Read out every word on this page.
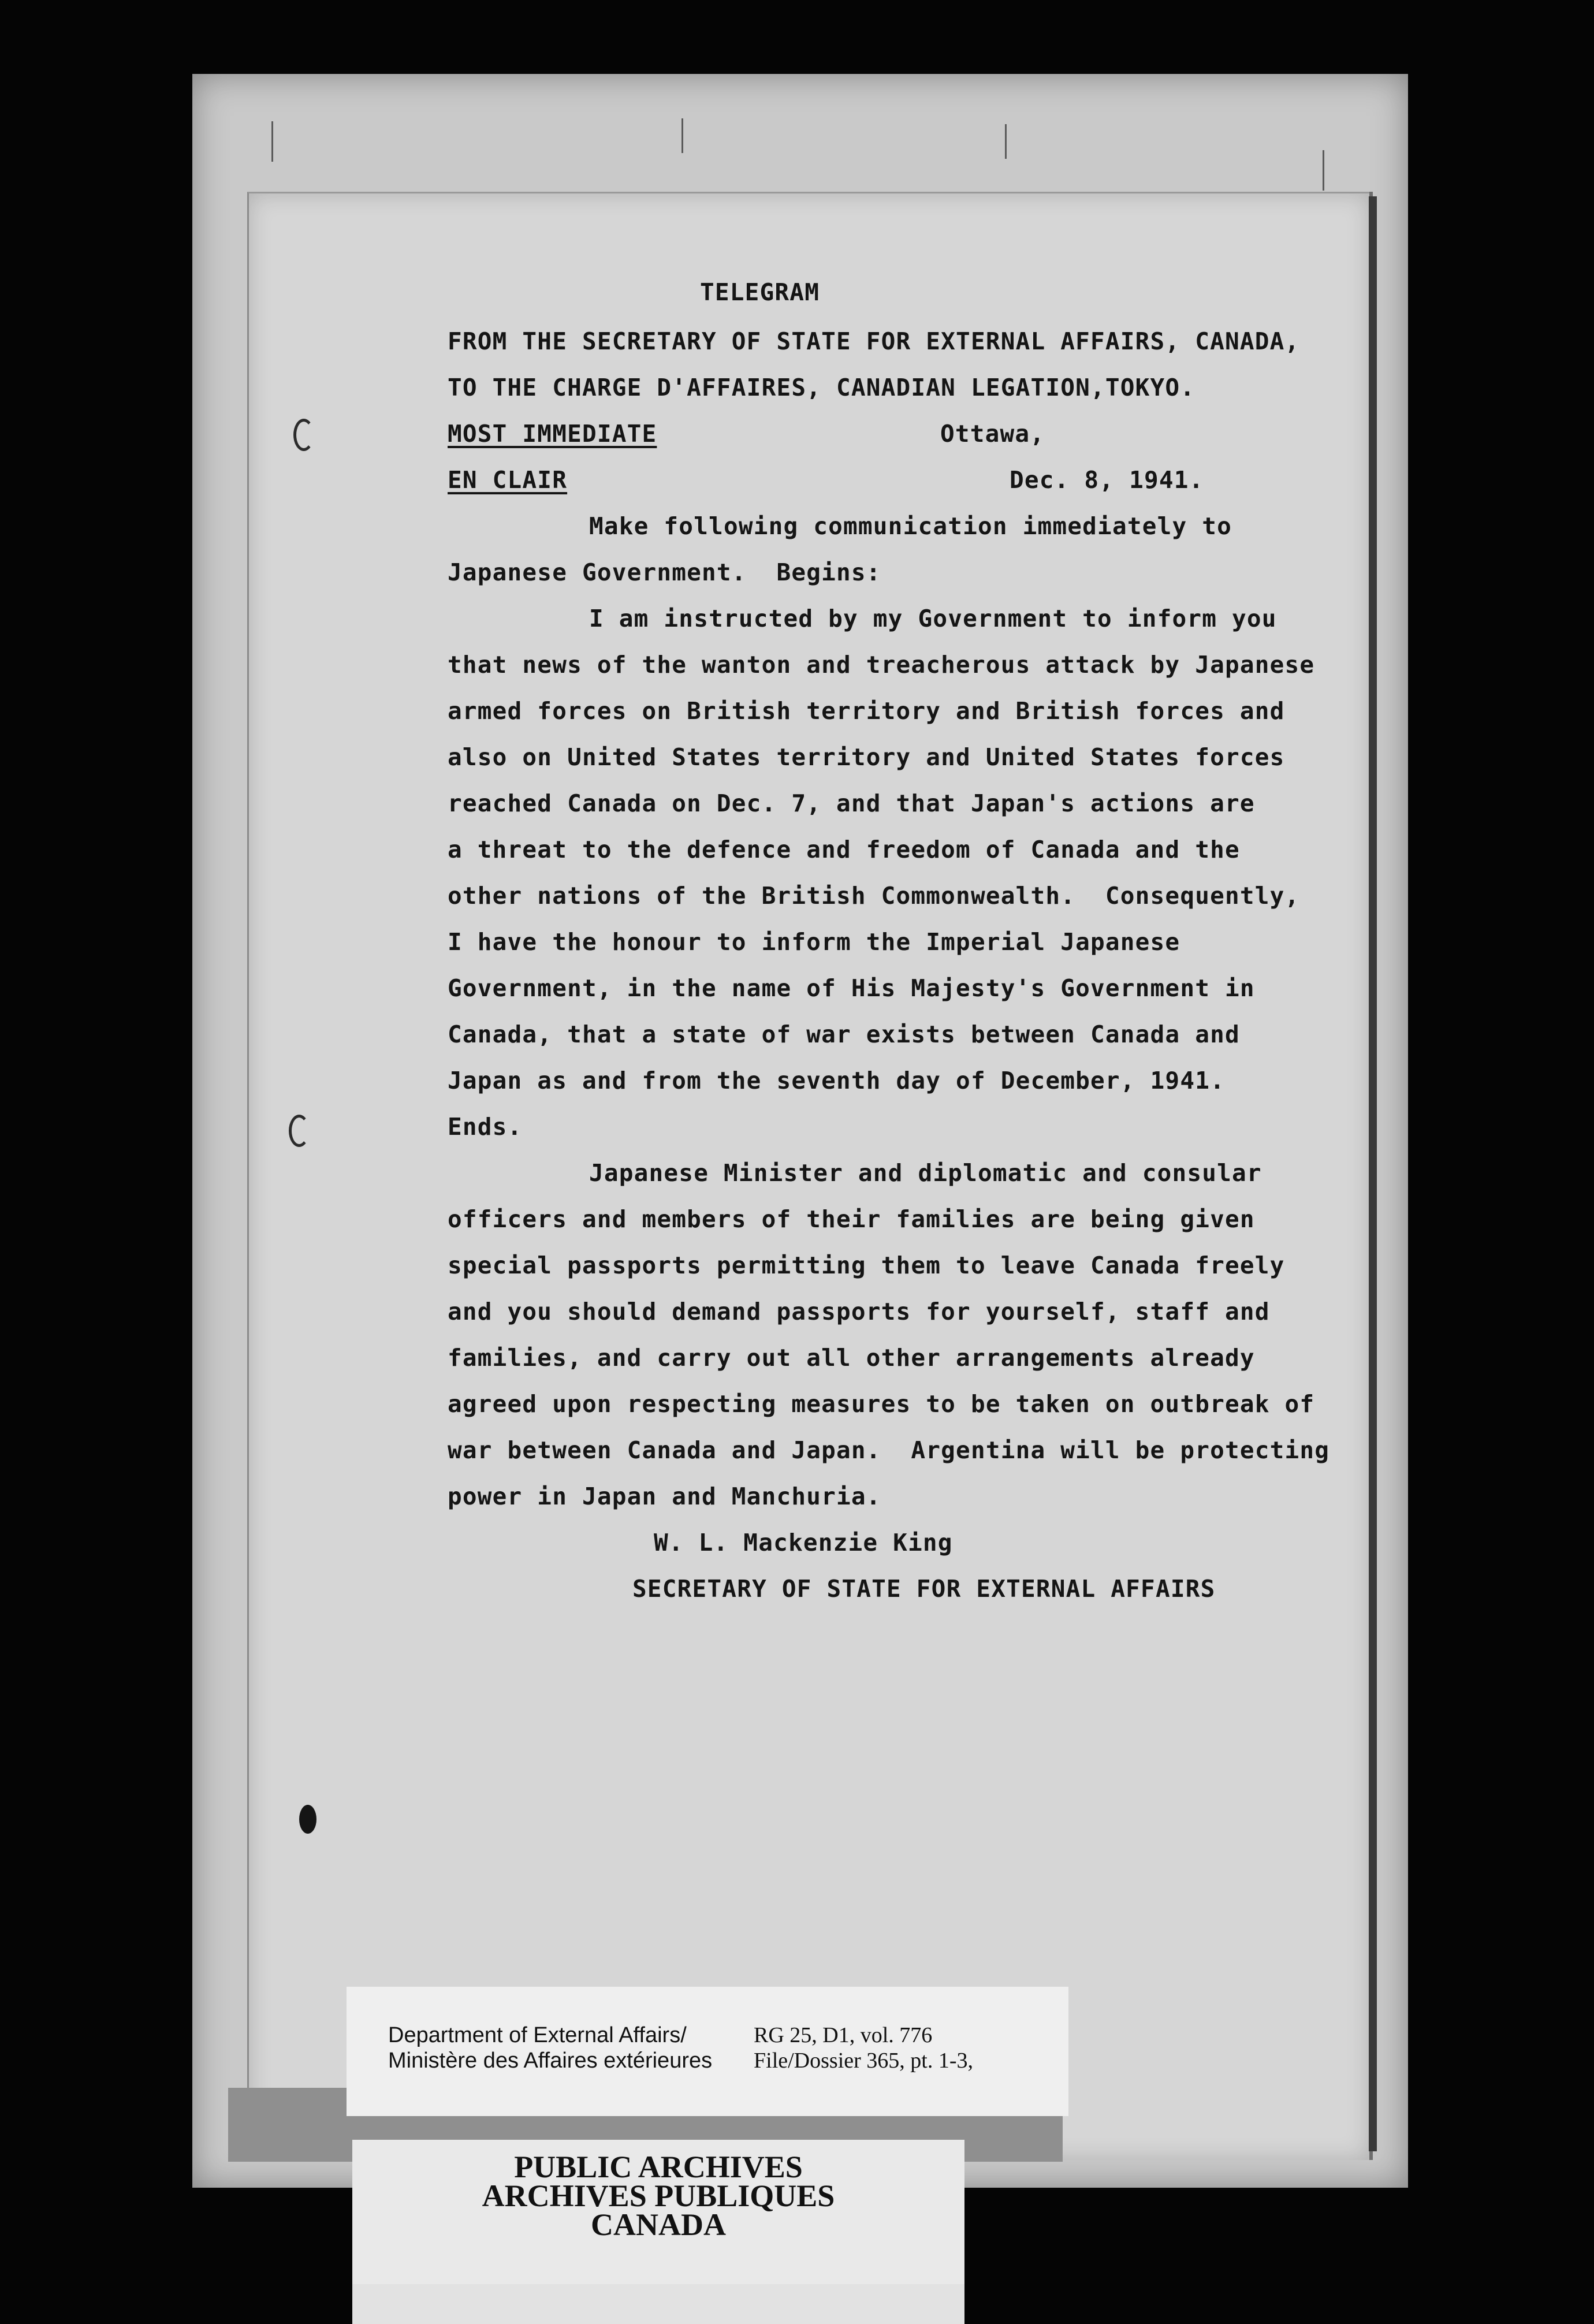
TELEGRAM
FROM THE SECRETARY OF STATE FOR EXTERNAL AFFAIRS, CANADA,
TO THE CHARGE D'AFFAIRES, CANADIAN LEGATION,TOKYO.
MOST IMMEDIATE	Ottawa,
EN CLAIR	Dec. 8, 1941.
Make following communication immediately to
Japanese Government.  Begins:
I am instructed by my Government to inform you
that news of the wanton and treacherous attack by Japanese
armed forces on British territory and British forces and
also on United States territory and United States forces
reached Canada on Dec. 7, and that Japan's actions are
a threat to the defence and freedom of Canada and the
other nations of the British Commonwealth.  Consequently,
I have the honour to inform the Imperial Japanese
Government, in the name of His Majesty's Government in
Canada, that a state of war exists between Canada and
Japan as and from the seventh day of December, 1941.
Ends.
Japanese Minister and diplomatic and consular
officers and members of their families are being given
special passports permitting them to leave Canada freely
and you should demand passports for yourself, staff and
families, and carry out all other arrangements already
agreed upon respecting measures to be taken on outbreak of
war between Canada and Japan.  Argentina will be protecting
power in Japan and Manchuria.
W. L. Mackenzie King
SECRETARY OF STATE FOR EXTERNAL AFFAIRS
Department of External Affairs/
Ministère des Affaires extérieures
RG 25, D1, vol. 776
File/Dossier 365, pt. 1-3,
PUBLIC ARCHIVES
ARCHIVES PUBLIQUES
CANADA
